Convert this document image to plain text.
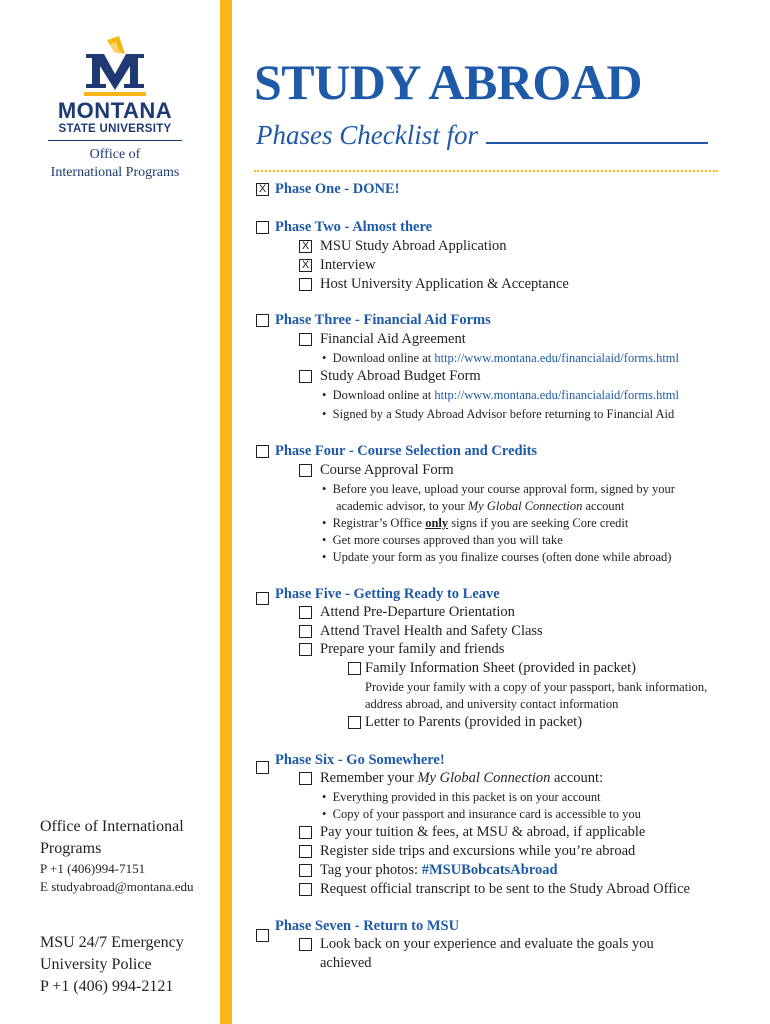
MONTANA
STATE UNIVERSITY
Office of
International Programs
STUDY ABROAD
Phases Checklist for
X Phase One - DONE!
Phase Two - Almost there
X MSU Study Abroad Application
X Interview
Host University Application & Acceptance
Phase Three - Financial Aid Forms
Financial Aid Agreement
•  Download online at http://www.montana.edu/financialaid/forms.html
Study Abroad Budget Form
•  Download online at http://www.montana.edu/financialaid/forms.html
•  Signed by a Study Abroad Advisor before returning to Financial Aid
Phase Four - Course Selection and Credits
Course Approval Form
•  Before you leave, upload your course approval form, signed by your
academic advisor, to your My Global Connection account
•  Registrar’s Office only signs if you are seeking Core credit
•  Get more courses approved than you will take
•  Update your form as you finalize courses (often done while abroad)
Phase Five - Getting Ready to Leave
Attend Pre-Departure Orientation
Attend Travel Health and Safety Class
Prepare your family and friends
Family Information Sheet (provided in packet)
Provide your family with a copy of your passport, bank information,
address abroad, and university contact information
Letter to Parents (provided in packet)
Phase Six - Go Somewhere!
Remember your My Global Connection account:
•  Everything provided in this packet is on your account
•  Copy of your passport and insurance card is accessible to you
Pay your tuition & fees, at MSU & abroad, if applicable
Register side trips and excursions while you’re abroad
Tag your photos: #MSUBobcatsAbroad
Request official transcript to be sent to the Study Abroad Office
Phase Seven - Return to MSU
Look back on your experience and evaluate the goals you
achieved
Office of International
Programs
P +1 (406)994-7151
E studyabroad@montana.edu
MSU 24/7 Emergency
University Police
P +1 (406) 994-2121
